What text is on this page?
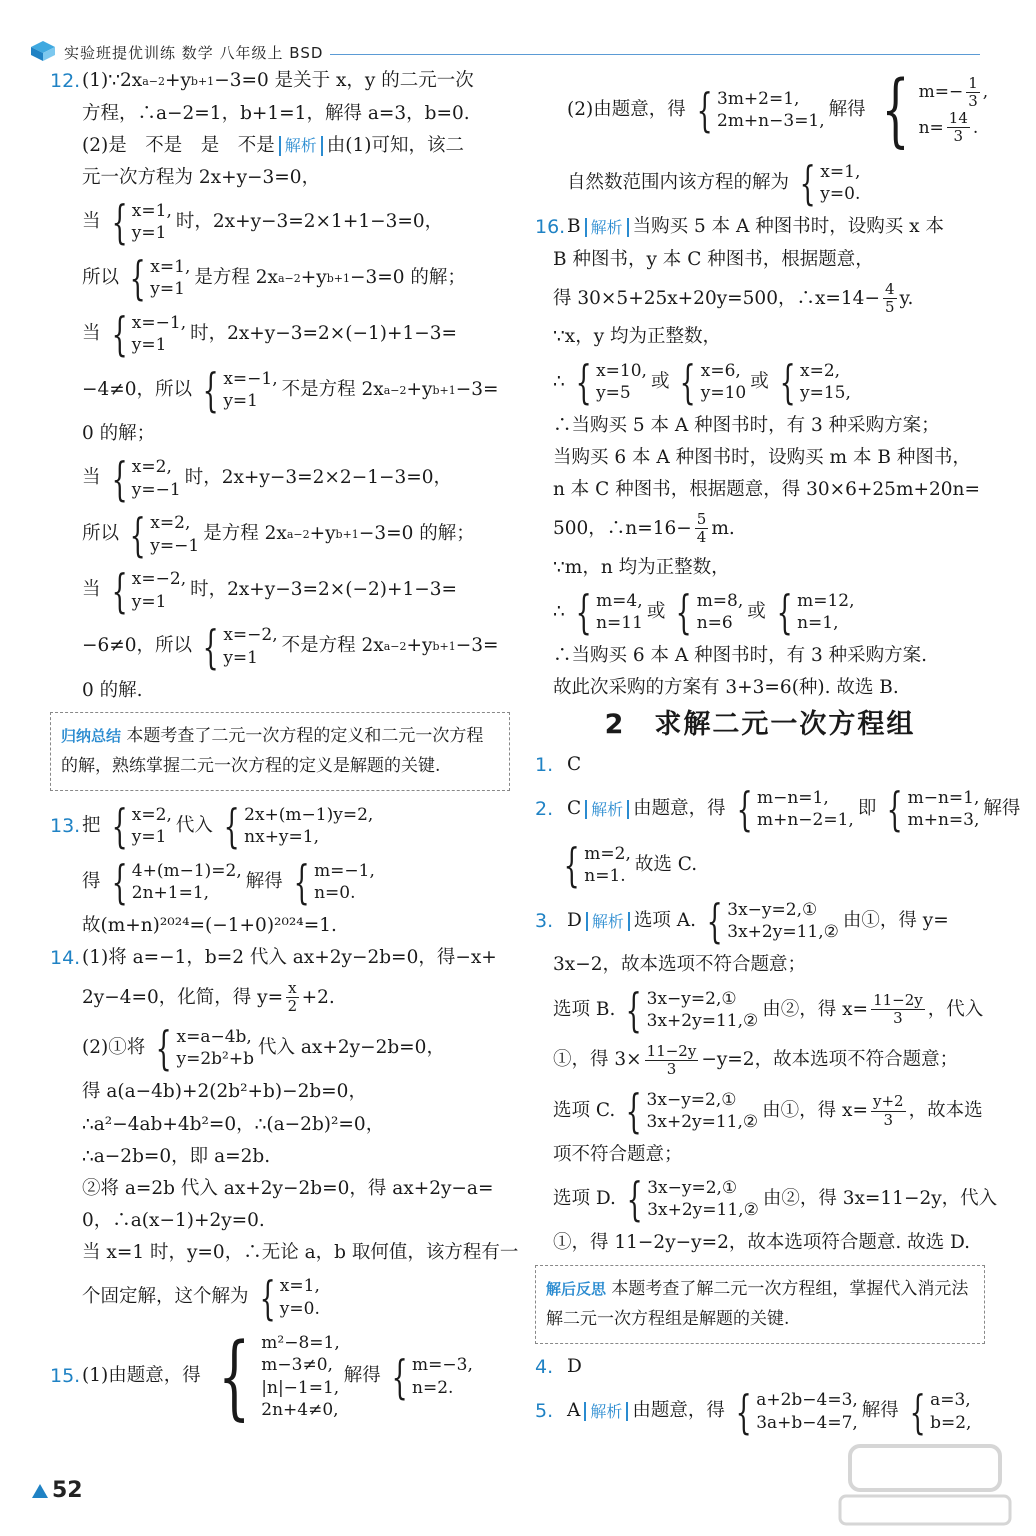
实验班提优训练 数学 八年级上 BSD
12. (1)∵2x a−2 +y b+1 −3=0 是关于 x，y 的二元一次
方程，∴a−2=1，b+1=1，解得 a=3，b=0.
(2)是　不是　是　不是 解析 由(1)可知，该二
元一次方程为 2x+y−3=0，
当 { x=1,
y=1
时，2x+y−3=2×1+1−3=0，
所以 { x=1,
y=1
是方程 2x a−2 +y b+1 −3=0 的解；
当 { x=−1,
y=1
时，2x+y−3=2×(−1)+1−3=
−4≠0，所以 { x=−1,
y=1
不是方程 2x a−2 +y b+1 −3=
0 的解；
当 { x=2,
y=−1
时，2x+y−3=2×2−1−3=0，
所以 { x=2,
y=−1
是方程 2x a−2 +y b+1 −3=0 的解；
当 { x=−2,
y=1
时，2x+y−3=2×(−2)+1−3=
−6≠0，所以 { x=−2,
y=1
不是方程 2x a−2 +y b+1 −3=
0 的解.
归纳总结 本题考查了二元一次方程的定义和二元一次方程的解，熟练掌握二元一次方程的定义是解题的关键.
13. 把 { x=2,
y=1
代入 { 2x+(m−1)y=2,
nx+y=1,
得 { 4+(m−1)=2,
2n+1=1,
解得 { m=−1,
n=0.
故(m+n)²⁰²⁴=(−1+0)²⁰²⁴=1.
14. (1)将 a=−1，b=2 代入 ax+2y−2b=0，得−x+
2y−4=0，化简，得 $y= \frac{x}{2} +2$.
(2)①将 { x=a−4b,
y=2b²+b
代入 ax+2y−2b=0，
得 a(a−4b)+2(2b²+b)−2b=0，
∴a²−4ab+4b²=0，∴(a−2b)²=0，
∴a−2b=0，即 a=2b.
②将 a=2b 代入 ax+2y−2b=0，得 ax+2y−a=
0，∴a(x−1)+2y=0.
当 x=1 时，y=0，∴无论 a，b 取何值，该方程有一
个固定解，这个解为 { x=1,
y=0.
15. (1)由题意，得 { m²−8=1,
m−3≠0,
|n|−1=1,
2n+4≠0,
解得 { m=−3,
n=2.
(2)由题意，得 { 3m+2=1,
2m+n−3=1,
解得 { $m=- \frac{1}{3}$ ,
$n= \frac{14}{3}$ .
自然数范围内该方程的解为 { x=1,
y=0.
16. B 解析 当购买 5 本 A 种图书时，设购买 x 本
B 种图书，y 本 C 种图书，根据题意，
得 30×5+25x+20y=500，∴x=14− $\frac{4}{5} y$.
∵x，y 均为正整数，
∴ { x=10,
y=5
或 { x=6,
y=10
或 { x=2,
y=15,
∴当购买 5 本 A 种图书时，有 3 种采购方案；
当购买 6 本 A 种图书时，设购买 m 本 B 种图书，
n 本 C 种图书，根据题意，得 30×6+25m+20n=
500，∴n=16− $\frac{5}{4} m$.
∵m，n 均为正整数，
∴ { m=4,
n=11
或 { m=8,
n=6
或 { m=12,
n=1,
∴当购买 6 本 A 种图书时，有 3 种采购方案.
故此次采购的方案有 3+3=6(种). 故选 B.
2　求解二元一次方程组
1. C
2. C 解析 由题意，得 { m−n=1,
m+n−2=1,
即 { m−n=1,
m+n=3,
解得
{ m=2,
n=1.
故选 C.
3. D 解析 选项 A. { 3x−y=2,①
3x+2y=11,②
由①，得 y=
3x−2，故本选项不符合题意；
选项 B. { 3x−y=2,①
3x+2y=11,②
由②，得 $x= \frac{11-2y}{3}$ ，代入
①，得 $3\times \frac{11-2y}{3} -y=2$，故本选项不符合题意；
选项 C. { 3x−y=2,①
3x+2y=11,②
由①，得 $x= \frac{y+2}{3}$ ，故本选
项不符合题意；
选项 D. { 3x−y=2,①
3x+2y=11,②
由②，得 3x=11−2y，代入
①，得 11−2y−y=2，故本选项符合题意. 故选 D.
解后反思 本题考查了解二元一次方程组，掌握代入消元法解二元一次方程组是解题的关键.
4. D
5. A 解析 由题意，得 { a+2b−4=3,
3a+b−4=7,
解得 { a=3,
b=2,
52
